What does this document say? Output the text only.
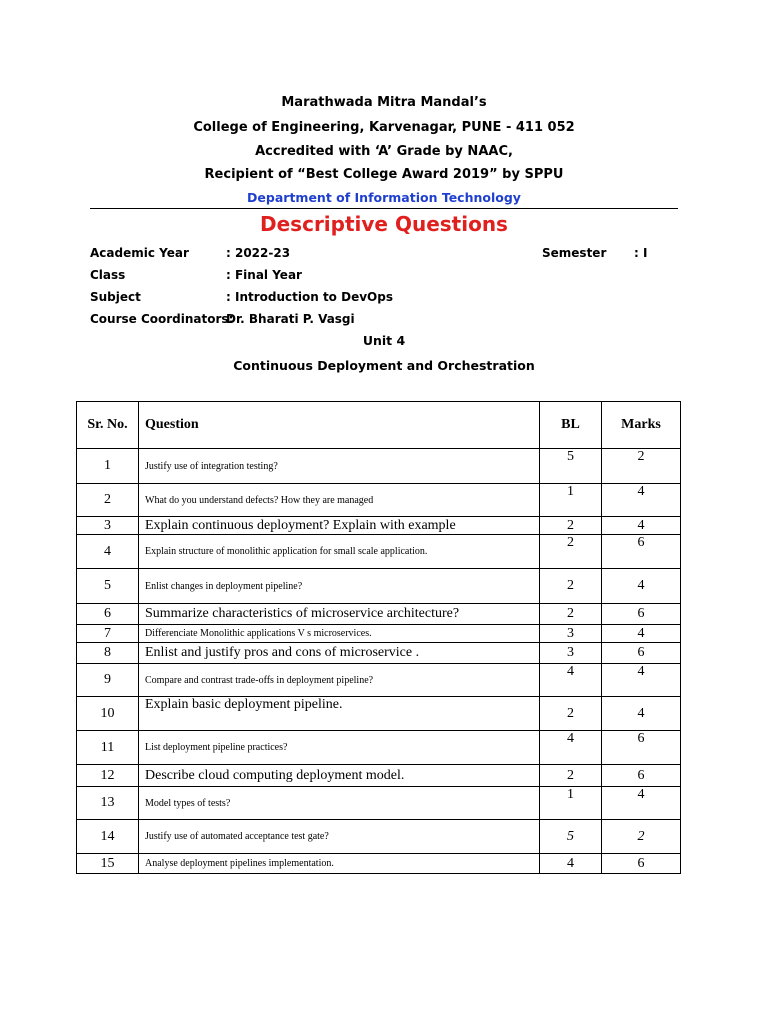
Marathwada Mitra Mandal’s
College of Engineering, Karvenagar, PUNE - 411 052
Accredited with ‘A’ Grade by NAAC,
Recipient of “Best College Award 2019” by SPPU
Department of Information Technology
Descriptive Questions
Academic Year	: 2022-23	Semester : I
Class	: Final Year
Subject	: Introduction to DevOps
Course Coordinators:
Dr. Bharati P. Vasgi
Unit 4
Continuous Deployment and Orchestration
Sr. No.	Question	BL	Marks
1	Justify use of integration testing?	5	2
2	What do you understand defects? How they are managed	1	4
3	Explain continuous deployment? Explain with example	2	4
4	Explain structure of monolithic application for small scale application.	2	6
5	Enlist changes in deployment pipeline?	2	4
6	Summarize characteristics of microservice architecture?	2	6
7	Differenciate Monolithic applications V s microservices.	3	4
8	Enlist and justify pros and cons of microservice .	3	6
9	Compare and contrast trade-offs in deployment pipeline?	4	4
10	Explain basic deployment pipeline.	2	4
11	List deployment pipeline practices?	4	6
12	Describe cloud computing deployment model.	2	6
13	Model types of tests?	1	4
14	Justify use of automated acceptance test gate?	5	2
15	Analyse deployment pipelines implementation.	4	6
